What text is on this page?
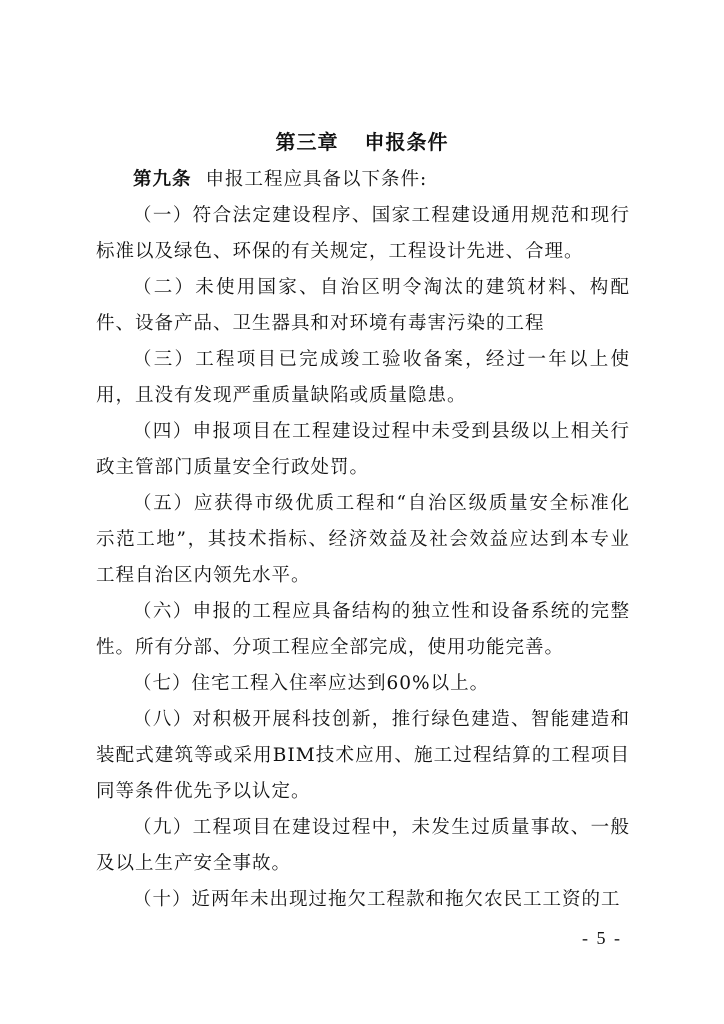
第三章 申报条件

第九条 申报工程应具备以下条件:

（一）符合法定建设程序、国家工程建设通用规范和现行标准以及绿色、环保的有关规定，工程设计先进、合理。

（二）未使用国家、自治区明令淘汰的建筑材料、构配件、设备产品、卫生器具和对环境有毒害污染的工程

（三）工程项目已完成竣工验收备案，经过一年以上使用，且没有发现严重质量缺陷或质量隐患。

（四）申报项目在工程建设过程中未受到县级以上相关行政主管部门质量安全行政处罚。

（五）应获得市级优质工程和“自治区级质量安全标准化示范工地”，其技术指标、经济效益及社会效益应达到本专业工程自治区内领先水平。

（六）申报的工程应具备结构的独立性和设备系统的完整性。所有分部、分项工程应全部完成，使用功能完善。

（七）住宅工程入住率应达到60%以上。

（八）对积极开展科技创新，推行绿色建造、智能建造和装配式建筑等或采用BIM技术应用、施工过程结算的工程项目同等条件优先予以认定。

（九）工程项目在建设过程中，未发生过质量事故、一般及以上生产安全事故。

（十）近两年未出现过拖欠工程款和拖欠农民工工资的工

- 5 -
